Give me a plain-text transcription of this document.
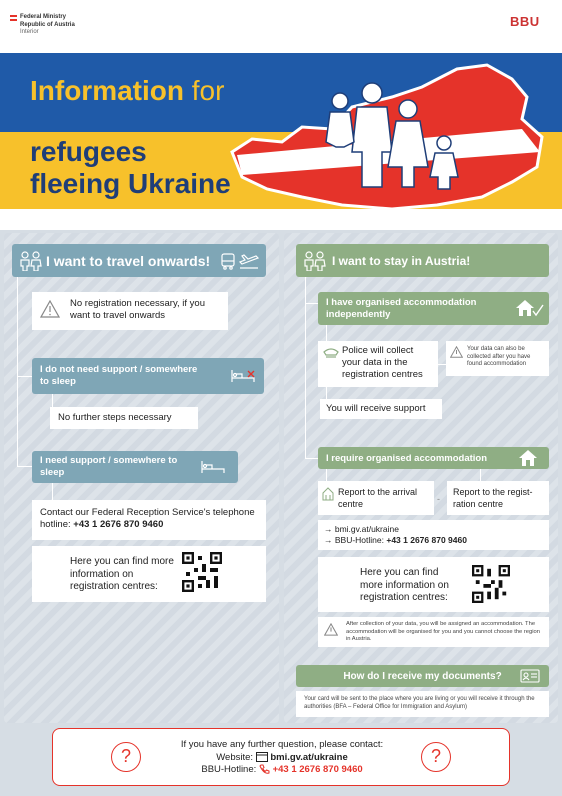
Federal Ministry
Republic of Austria
Interior
BBU
Information for
refugees
fleeing Ukraine
I want to travel onwards!
No registration necessary, if you want to travel onwards
I do not need support / somewhere to sleep
No further steps necessary
I need support / somewhere to sleep
Contact our Federal Reception Service's telephone hotline: +43 1 2676 870 9460
Here you can find more information on registration centres:
I want to stay in Austria!
I have organised accommodation independently
Police will collect your data in the registration centres
Your data can also be collected after you have found accommodation
You will receive support
I require organised accommodation
Report to the arrival centre	-
Report to the registration centre
→ bmi.gv.at/ukraine
→ BBU-Hotline: +43 1 2676 870 9460
Here you can find more information on registration centres:
After collection of your data, you will be assigned an accommodation. The accommodation will be organised for you and you cannot choose the region in Austria.
How do I receive my documents?
Your card will be sent to the place where you are living or you will receive it through the authorities (BFA – Federal Office for Immigration and Asylum)
?	?
If you have any further question, please contact:
Website:
bmi.gv.at/ukraine
BBU-Hotline:
+43 1 2676 870 9460
